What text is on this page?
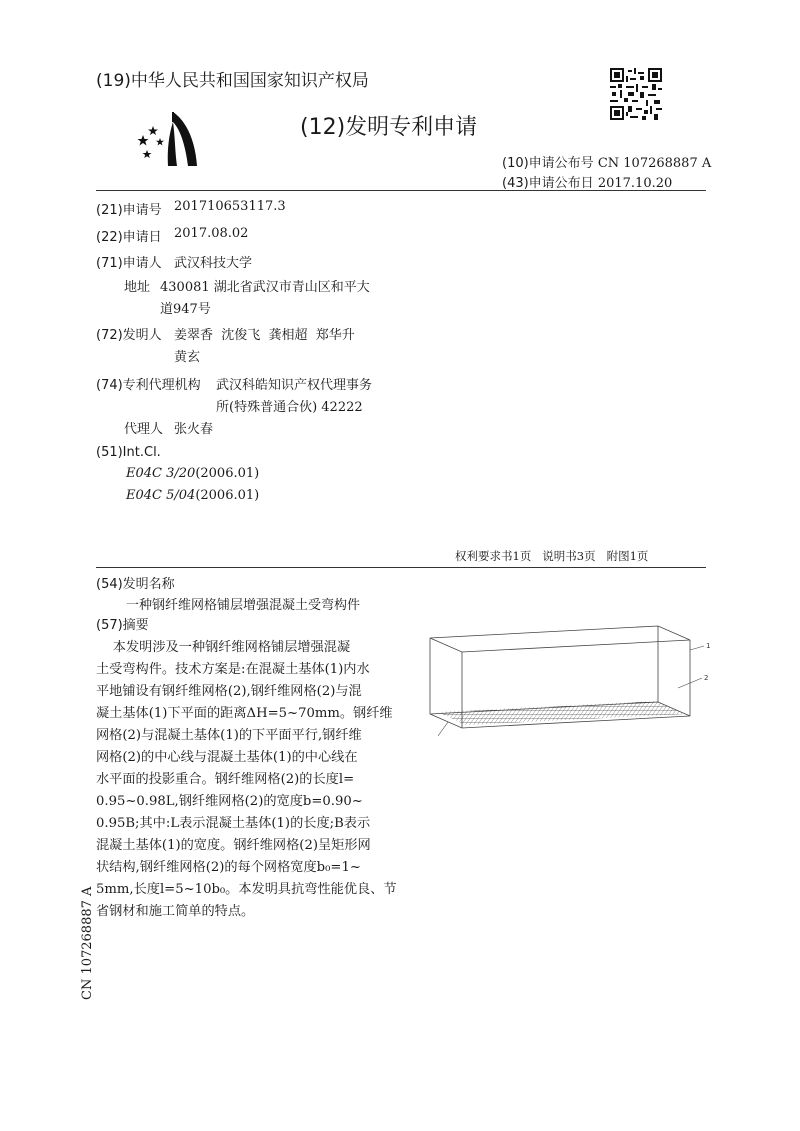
(19)中华人民共和国国家知识产权局
(12)发明专利申请
(10)申请公布号 CN 107268887 A
(43)申请公布日 2017.10.20
(21)申请号 201710653117.3
(22)申请日 2017.08.02
(71)申请人 武汉科技大学
地址 430081 湖北省武汉市青山区和平大
道947号
(72)发明人 姜翠香  沈俊飞  龚相超  郑华升
黄玄
(74)专利代理机构 武汉科皓知识产权代理事务
所(特殊普通合伙) 42222
代理人 张火春
(51)Int.Cl.
E04C 3/20(2006.01)
E04C 5/04(2006.01)
权利要求书1页   说明书3页   附图1页
(54)发明名称
一种钢纤维网格铺层增强混凝土受弯构件
(57)摘要
本发明涉及一种钢纤维网格铺层增强混凝
土受弯构件。技术方案是:在混凝土基体(1)内水
平地铺设有钢纤维网格(2),钢纤维网格(2)与混
凝土基体(1)下平面的距离ΔH=5~70mm。钢纤维
网格(2)与混凝土基体(1)的下平面平行,钢纤维
网格(2)的中心线与混凝土基体(1)的中心线在
水平面的投影重合。钢纤维网格(2)的长度l=
0.95~0.98L,钢纤维网格(2)的宽度b=0.90~
0.95B;其中:L表示混凝土基体(1)的长度;B表示
混凝土基体(1)的宽度。钢纤维网格(2)呈矩形网
状结构,钢纤维网格(2)的每个网格宽度b₀=1~
5mm,长度l=5~10b₀。本发明具抗弯性能优良、节
省钢材和施工简单的特点。
1
2
CN 107268887 A
